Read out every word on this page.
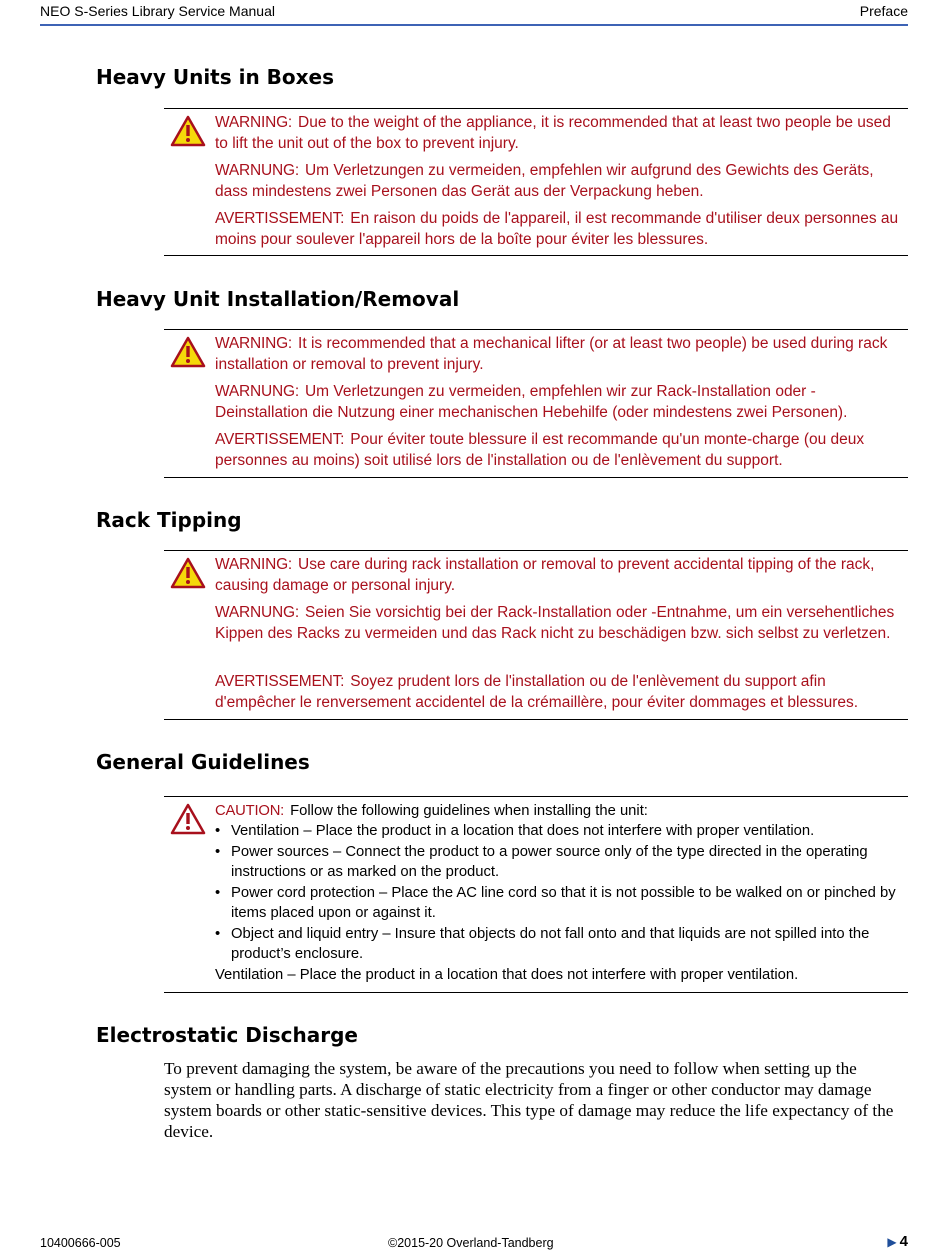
NEO S-Series Library Service Manual	Preface
Heavy Units in Boxes
WARNING: Due to the weight of the appliance, it is recommended that at least two people be used to lift the unit out of the box to prevent injury.
WARNUNG: Um Verletzungen zu vermeiden, empfehlen wir aufgrund des Gewichts des Geräts, dass mindestens zwei Personen das Gerät aus der Verpackung heben.
AVERTISSEMENT: En raison du poids de l'appareil, il est recommande d'utiliser deux personnes au moins pour soulever l'appareil hors de la boîte pour éviter les blessures.
Heavy Unit Installation/Removal
WARNING: It is recommended that a mechanical lifter (or at least two people) be used during rack installation or removal to prevent injury.
WARNUNG: Um Verletzungen zu vermeiden, empfehlen wir zur Rack-Installation oder -Deinstallation die Nutzung einer mechanischen Hebehilfe (oder mindestens zwei Personen).
AVERTISSEMENT: Pour éviter toute blessure il est recommande qu'un monte-charge (ou deux personnes au moins) soit utilisé lors de l'installation ou de l'enlèvement du support.
Rack Tipping
WARNING: Use care during rack installation or removal to prevent accidental tipping of the rack, causing damage or personal injury.
WARNUNG: Seien Sie vorsichtig bei der Rack-Installation oder -Entnahme, um ein versehentliches Kippen des Racks zu vermeiden und das Rack nicht zu beschädigen bzw. sich selbst zu verletzen.
AVERTISSEMENT: Soyez prudent lors de l'installation ou de l'enlèvement du support afin d'empêcher le renversement accidentel de la crémaillère, pour éviter dommages et blessures.
General Guidelines
CAUTION: Follow the following guidelines when installing the unit:
• Ventilation – Place the product in a location that does not interfere with proper ventilation.
• Power sources – Connect the product to a power source only of the type directed in the operating instructions or as marked on the product.
• Power cord protection – Place the AC line cord so that it is not possible to be walked on or pinched by items placed upon or against it.
• Object and liquid entry – Insure that objects do not fall onto and that liquids are not spilled into the product’s enclosure.
Ventilation – Place the product in a location that does not interfere with proper ventilation.
Electrostatic Discharge
To prevent damaging the system, be aware of the precautions you need to follow when setting up the system or handling parts. A discharge of static electricity from a finger or other conductor may damage system boards or other static-sensitive devices. This type of damage may reduce the life expectancy of the device.
10400666-005	©2015-20 Overland-Tandberg	▶ 4
